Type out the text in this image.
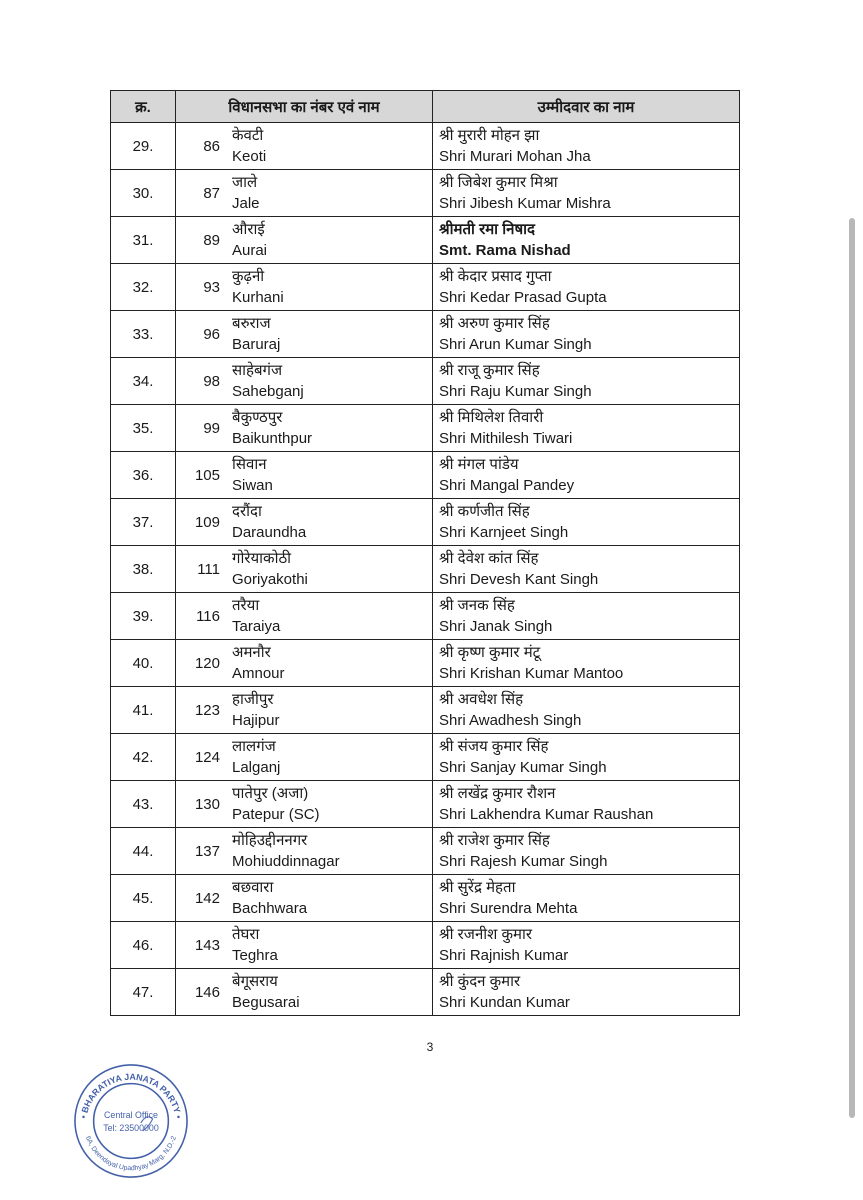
क्र.	विधानसभा का नंबर एवं नाम		उम्मीदवार का नाम
29.	86	केवटी
Keoti	श्री मुरारी मोहन झा
Shri Murari Mohan Jha

30.	87	जाले
Jale	श्री जिबेश कुमार मिश्रा
Shri Jibesh Kumar Mishra

31.	89	औराई
Aurai	श्रीमती रमा निषाद
Smt. Rama Nishad

32.	93	कुढ़नी
Kurhani	श्री केदार प्रसाद गुप्ता
Shri Kedar Prasad Gupta

33.	96	बरुराज
Baruraj	श्री अरुण कुमार सिंह
Shri Arun Kumar Singh

34.	98	साहेबगंज
Sahebganj	श्री राजू कुमार सिंह
Shri Raju Kumar Singh

35.	99	बैकुण्ठपुर
Baikunthpur	श्री मिथिलेश तिवारी
Shri Mithilesh Tiwari

36.	105	सिवान
Siwan	श्री मंगल पांडेय
Shri Mangal Pandey

37.	109	दरौंदा
Daraundha	श्री कर्णजीत सिंह
Shri Karnjeet Singh

38.	111	गोरेयाकोठी
Goriyakothi	श्री देवेश कांत सिंह
Shri Devesh Kant Singh

39.	116	तरैया
Taraiya	श्री जनक सिंह
Shri Janak Singh

40.	120	अमनौर
Amnour	श्री कृष्ण कुमार मंटू
Shri Krishan Kumar Mantoo

41.	123	हाजीपुर
Hajipur	श्री अवधेश सिंह
Shri Awadhesh Singh

42.	124	लालगंज
Lalganj	श्री संजय कुमार सिंह
Shri Sanjay Kumar Singh

43.	130	पातेपुर (अजा)
Patepur (SC)	श्री लखेंद्र कुमार रौशन
Shri Lakhendra Kumar Raushan

44.	137	मोहिउद्दीननगर
Mohiuddinnagar	श्री राजेश कुमार सिंह
Shri Rajesh Kumar Singh

45.	142	बछवारा
Bachhwara	श्री सुरेंद्र मेहता
Shri Surendra Mehta

46.	143	तेघरा
Teghra	श्री रजनीश कुमार
Shri Rajnish Kumar

47.	146	बेगूसराय
Begusarai	श्री कुंदन कुमार
Shri Kundan Kumar
3
• BHARATIYA JANATA PARTY •
6A, Deendayal Upadhyay Marg, N.D.-2
Central Office
Tel: 23500000
